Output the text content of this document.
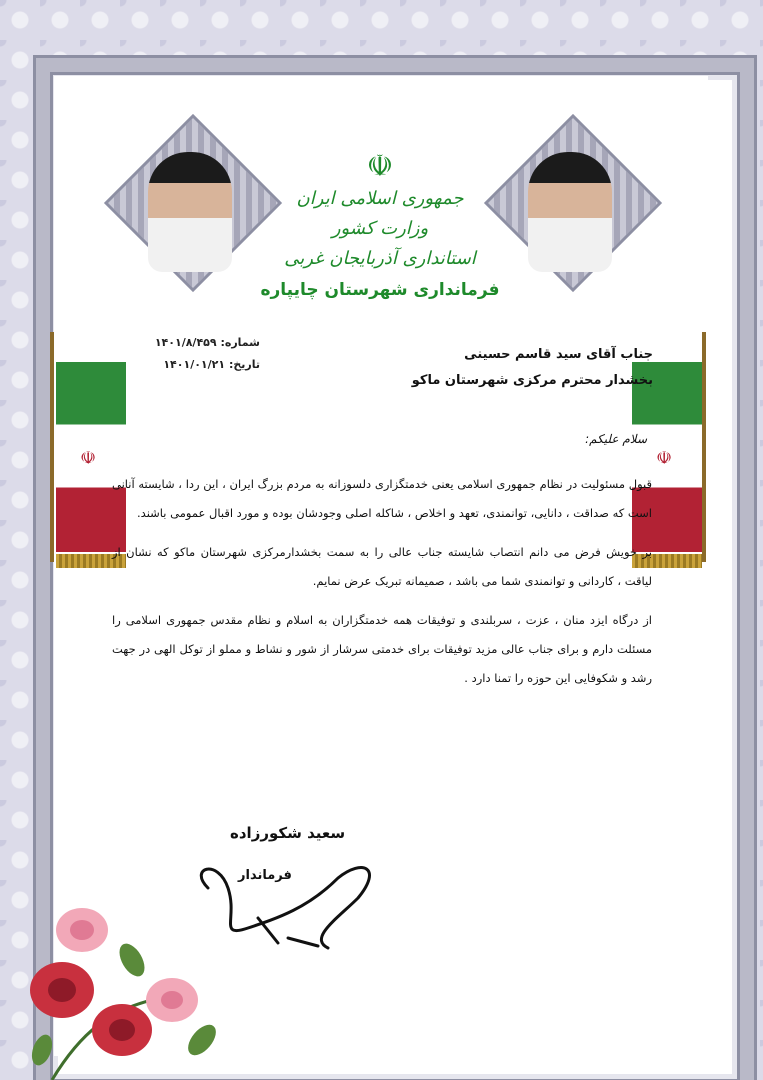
☫	☫
☫
جمهوری اسلامی ایران
وزارت کشور
استانداری آذربایجان غربی
فرمانداری شهرستان چایپاره
شماره: ۱۴۰۱/۸/۴۵۹
تاریخ: ۱۴۰۱/۰۱/۲۱
جناب آقای سید قاسم حسینی
بخشدار محترم مرکزی شهرستان ماکو
سلام علیکم:

قبول مسئولیت در نظام جمهوری اسلامی یعنی خدمتگزاری دلسوزانه به مردم بزرگ ایران ، این ردا ، شایسته آنانی است که صداقت ، دانایی، توانمندی، تعهد و اخلاص ، شاکله اصلی وجودشان بوده و مورد اقبال عمومی باشند.

بر خویش فرض می دانم انتصاب شایسته جناب عالی را به سمت بخشدارمرکزی شهرستان ماکو که نشان از لیاقت ، کاردانی و توانمندی شما می باشد ، صمیمانه تبریک عرض نمایم.

از درگاه ایزد منان ، عزت ، سربلندی و توفیقات همه خدمتگزاران به اسلام و نظام مقدس جمهوری اسلامی را مسئلت دارم و برای جناب عالی مزید توفیقات برای خدمتی سرشار از شور و نشاط و مملو از توکل الهی در جهت رشد و شکوفایی این حوزه را تمنا دارد .

سعید شکورزاده
فرماندار
